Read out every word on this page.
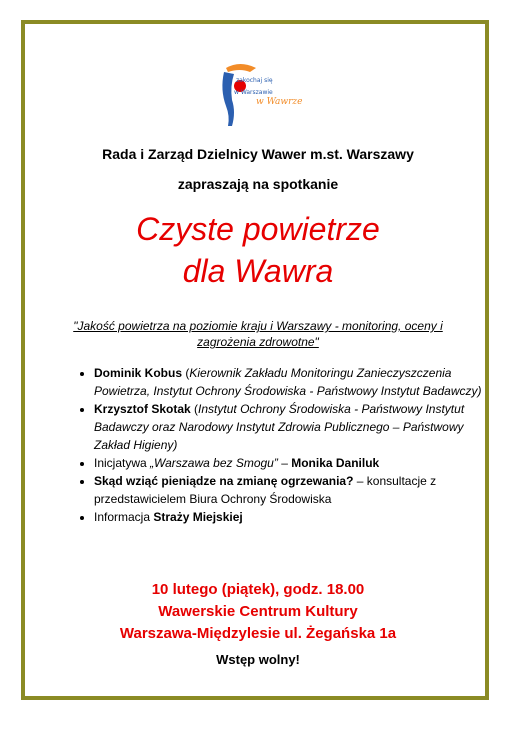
zakochaj się
w Warszawie
w Wawrze
Rada i Zarząd Dzielnicy Wawer m.st. Warszawy
zapraszają na spotkanie
Czyste powietrze
dla Wawra
"Jakość powietrza na poziomie kraju i Warszawy - monitoring, oceny i zagrożenia zdrowotne"
• Dominik Kobus (Kierownik Zakładu Monitoringu Zanieczyszczenia Powietrza, Instytut Ochrony Środowiska - Państwowy Instytut Badawczy)
• Krzysztof Skotak (Instytut Ochrony Środowiska - Państwowy Instytut Badawczy oraz Narodowy Instytut Zdrowia Publicznego – Państwowy Zakład Higieny)
• Inicjatywa „Warszawa bez Smogu” – Monika Daniluk
• Skąd wziąć pieniądze na zmianę ogrzewania? – konsultacje z przedstawicielem Biura Ochrony Środowiska
• Informacja Straży Miejskiej
10 lutego (piątek), godz. 18.00
Wawerskie Centrum Kultury
Warszawa-Międzylesie ul. Żegańska 1a
Wstęp wolny!
